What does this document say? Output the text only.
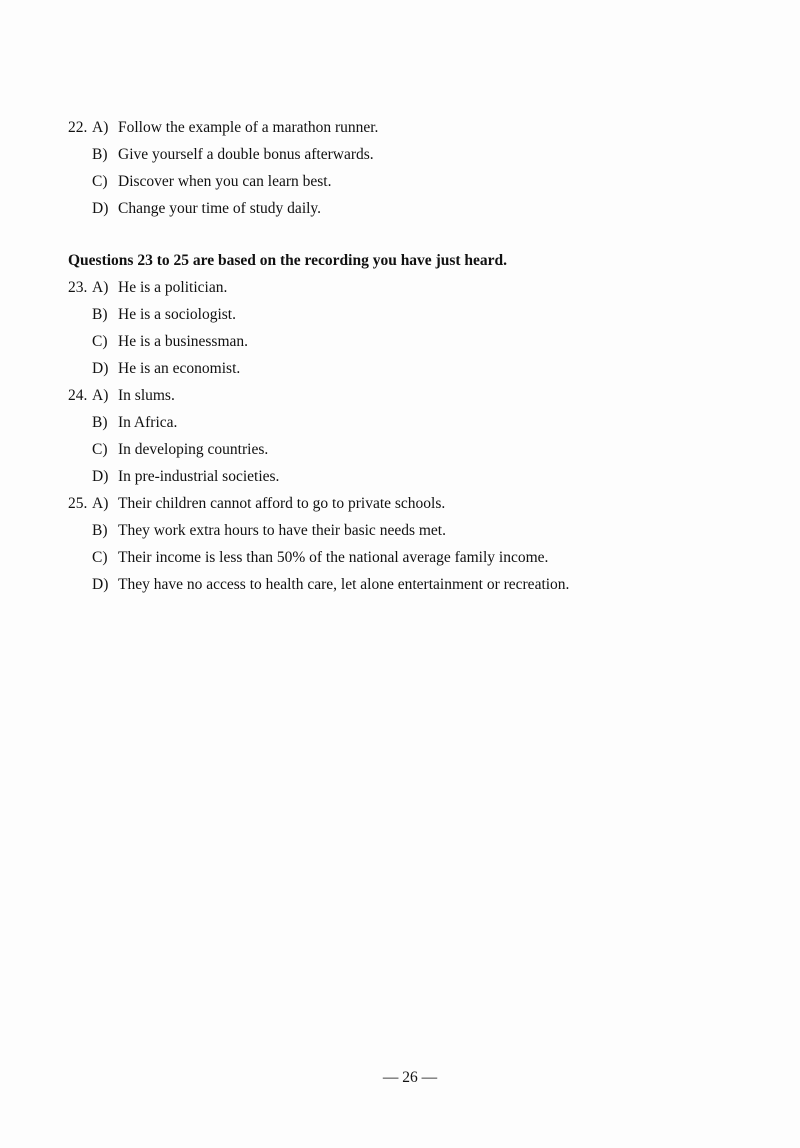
22. A) Follow the example of a marathon runner.
B) Give yourself a double bonus afterwards.
C) Discover when you can learn best.
D) Change your time of study daily.
Questions 23 to 25 are based on the recording you have just heard.
23. A) He is a politician.
B) He is a sociologist.
C) He is a businessman.
D) He is an economist.
24. A) In slums.
B) In Africa.
C) In developing countries.
D) In pre-industrial societies.
25. A) Their children cannot afford to go to private schools.
B) They work extra hours to have their basic needs met.
C) Their income is less than 50% of the national average family income.
D) They have no access to health care, let alone entertainment or recreation.
— 26 —
